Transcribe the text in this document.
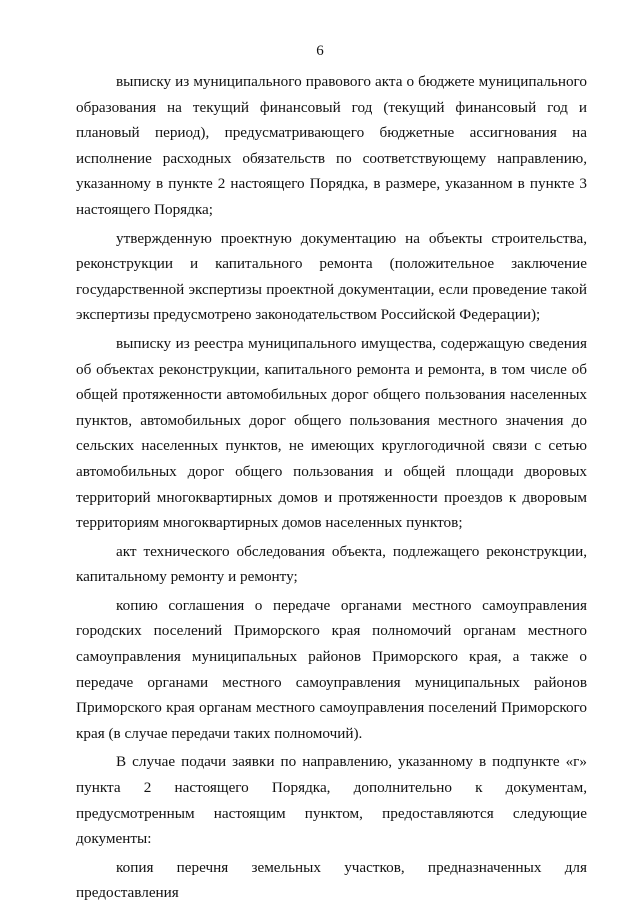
6

выписку из муниципального правового акта о бюджете муниципального образования на текущий финансовый год (текущий финансовый год и плановый период), предусматривающего бюджетные ассигнования на исполнение расходных обязательств по соответствующему направлению, указанному в пункте 2 настоящего Порядка, в размере, указанном в пункте 3 настоящего Порядка;

утвержденную проектную документацию на объекты строительства, реконструкции и капитального ремонта (положительное заключение государственной экспертизы проектной документации, если проведение такой экспертизы предусмотрено законодательством Российской Федерации);

выписку из реестра муниципального имущества, содержащую сведения об объектах реконструкции, капитального ремонта и ремонта, в том числе об общей протяженности автомобильных дорог общего пользования населенных пунктов, автомобильных дорог общего пользования местного значения до сельских населенных пунктов, не имеющих круглогодичной связи с сетью автомобильных дорог общего пользования и общей площади дворовых территорий многоквартирных домов и протяженности проездов к дворовым территориям многоквартирных домов населенных пунктов;

акт технического обследования объекта, подлежащего реконструкции, капитальному ремонту и ремонту;

копию соглашения о передаче органами местного самоуправления городских поселений Приморского края полномочий органам местного самоуправления муниципальных районов Приморского края, а также о передаче органами местного самоуправления муниципальных районов Приморского края органам местного самоуправления поселений Приморского края (в случае передачи таких полномочий).

В случае подачи заявки по направлению, указанному в подпункте «г» пункта 2 настоящего Порядка, дополнительно к документам, предусмотренным настоящим пунктом, предоставляются следующие документы:

копия перечня земельных участков, предназначенных для предоставления
